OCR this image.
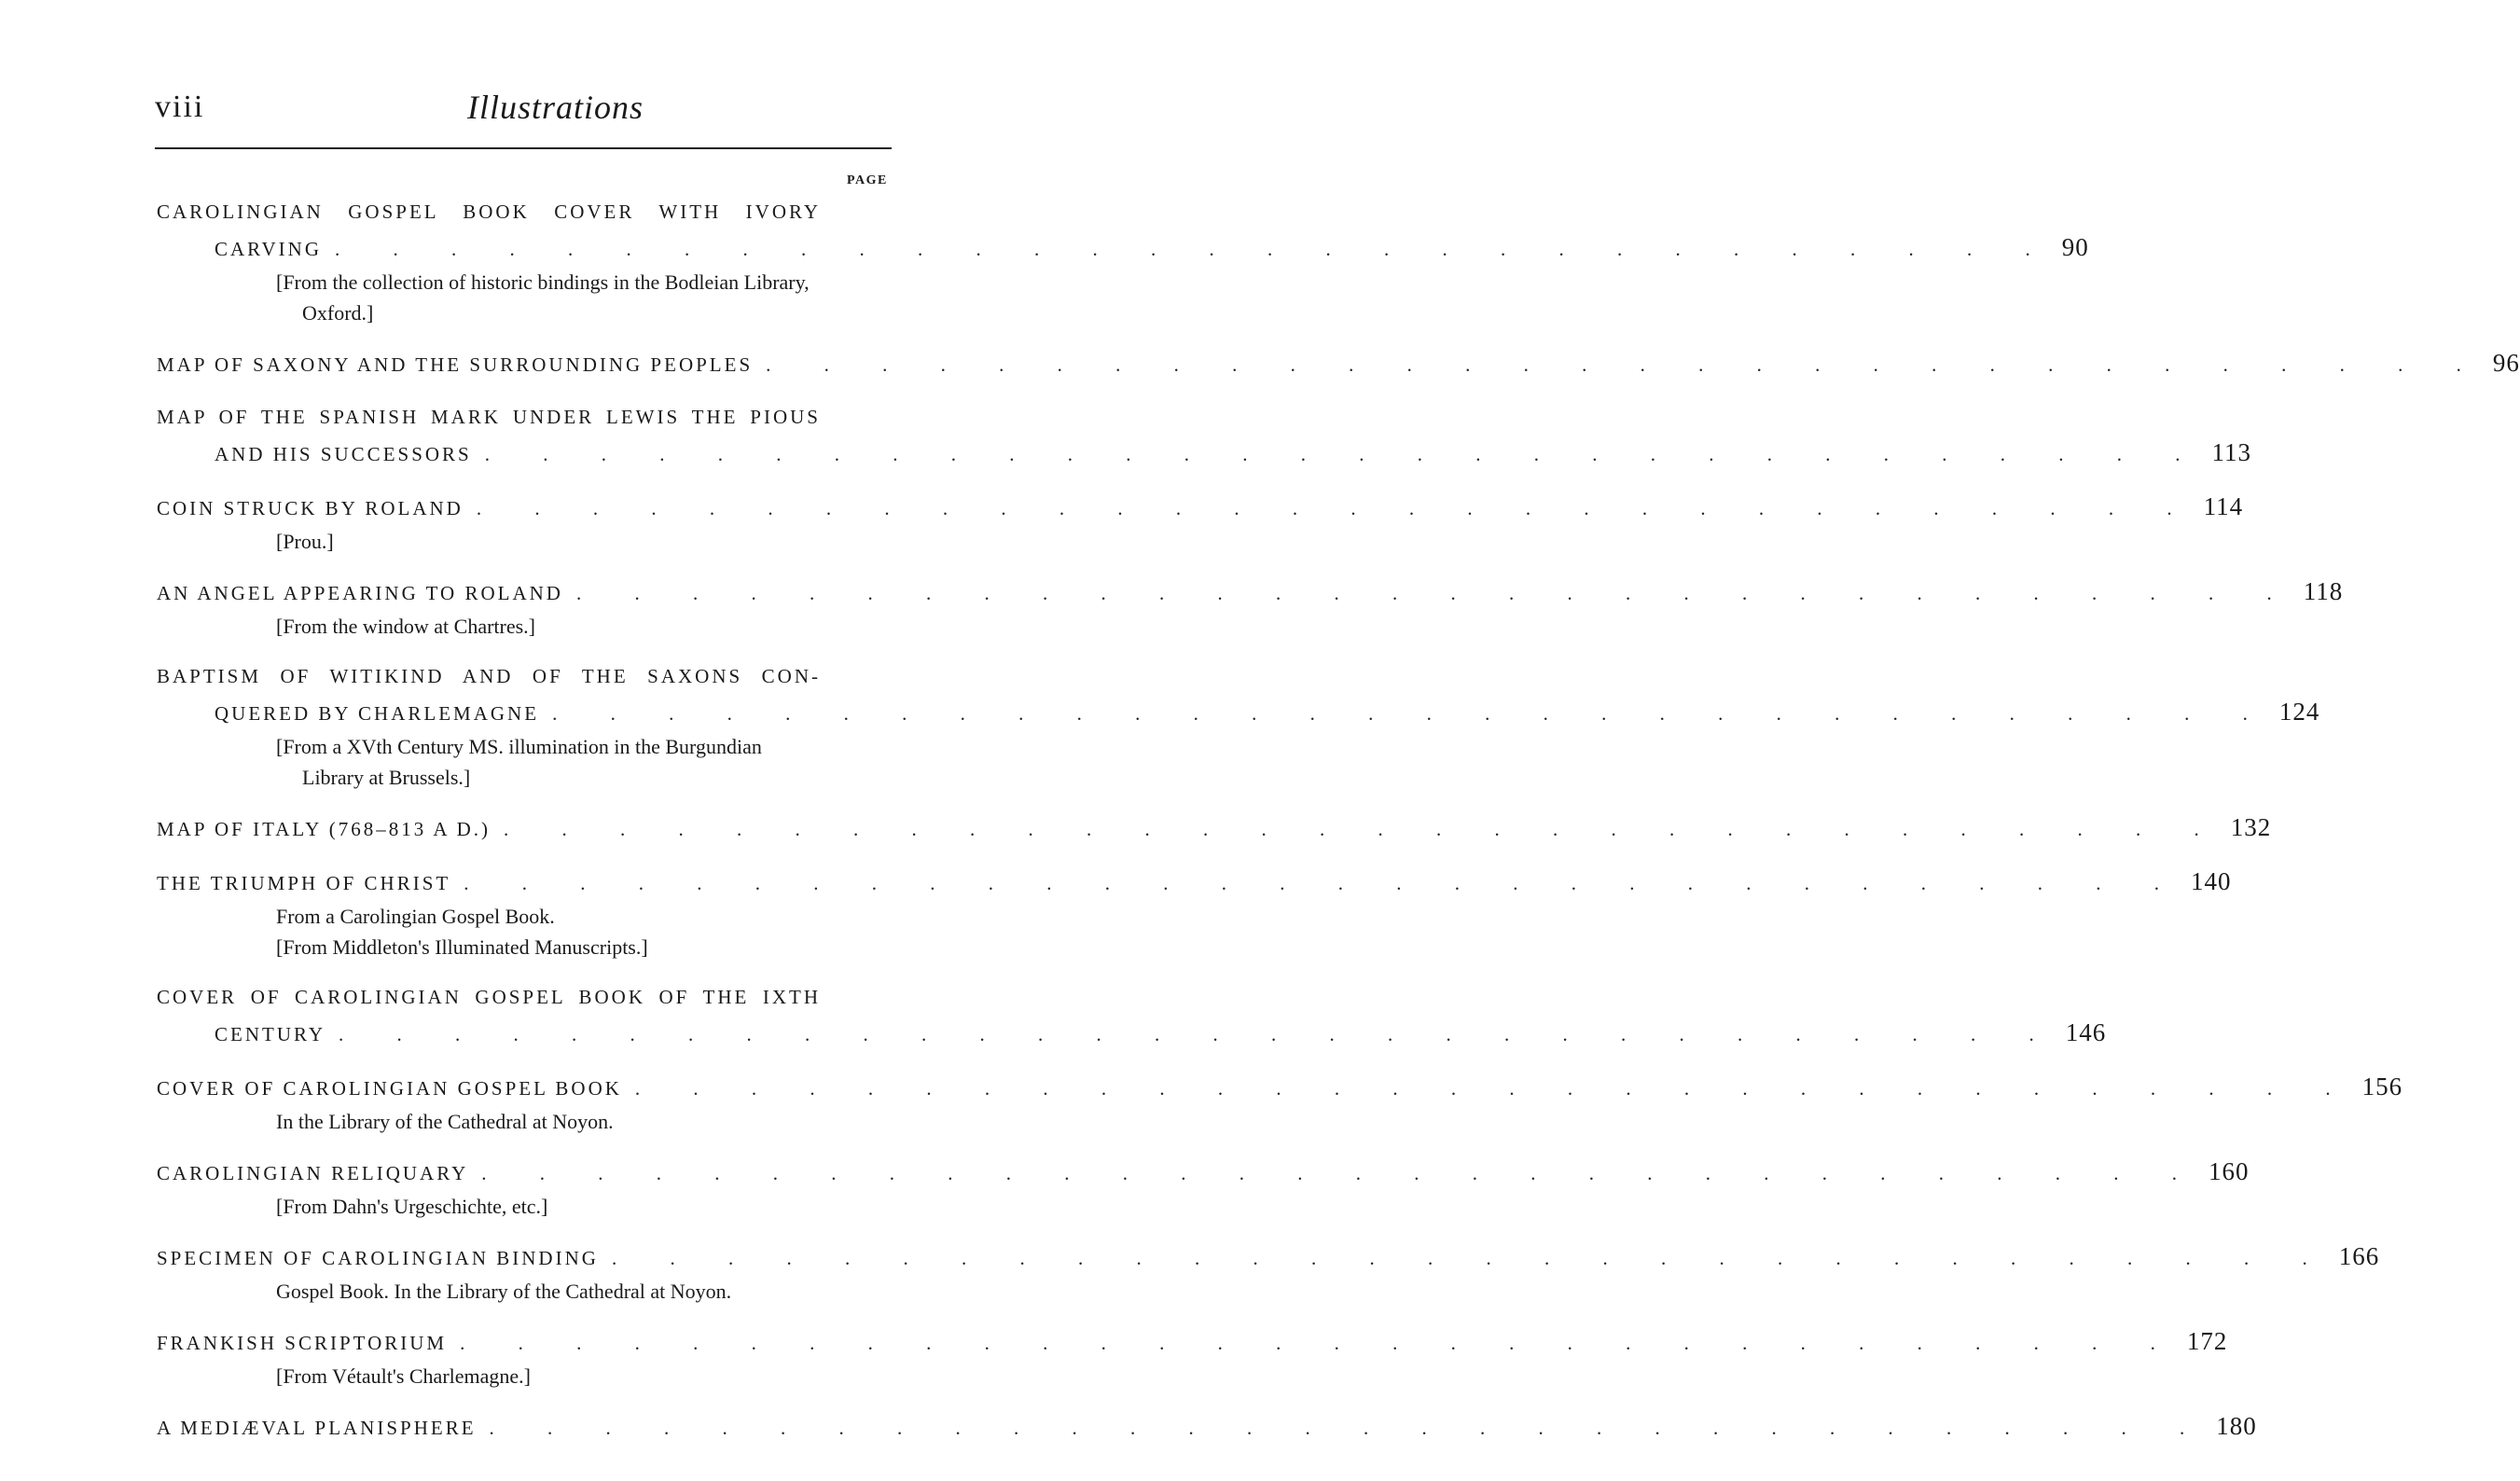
viii	Illustrations
PAGE
CAROLINGIAN GOSPEL BOOK COVER WITH IVORY
CARVING . . . . . . . . . . . . . . . . . . . . . . . . . . . . . . 90
[From the collection of historic bindings in the Bodleian Library, Oxford.]
MAP OF SAXONY AND THE SURROUNDING PEOPLES . . . . . . . . . . . . . . . . . . . . . . . . . . . . . . 96
MAP OF THE SPANISH MARK UNDER LEWIS THE PIOUS
AND HIS SUCCESSORS . . . . . . . . . . . . . . . . . . . . . . . . . . . . . . 113
COIN STRUCK BY ROLAND . . . . . . . . . . . . . . . . . . . . . . . . . . . . . . 114
[Prou.]
AN ANGEL APPEARING TO ROLAND . . . . . . . . . . . . . . . . . . . . . . . . . . . . . . 118
[From the window at Chartres.]
BAPTISM OF WITIKIND AND OF THE SAXONS CON-
QUERED BY CHARLEMAGNE . . . . . . . . . . . . . . . . . . . . . . . . . . . . . . 124
[From a XVth Century MS. illumination in the Burgundian Library at Brussels.]
MAP OF ITALY (768–813 A D.) . . . . . . . . . . . . . . . . . . . . . . . . . . . . . . 132
THE TRIUMPH OF CHRIST . . . . . . . . . . . . . . . . . . . . . . . . . . . . . . 140
From a Carolingian Gospel Book.
[From Middleton's Illuminated Manuscripts.]
COVER OF CAROLINGIAN GOSPEL BOOK OF THE IXTH
CENTURY . . . . . . . . . . . . . . . . . . . . . . . . . . . . . . 146
COVER OF CAROLINGIAN GOSPEL BOOK . . . . . . . . . . . . . . . . . . . . . . . . . . . . . . 156
In the Library of the Cathedral at Noyon.
CAROLINGIAN RELIQUARY . . . . . . . . . . . . . . . . . . . . . . . . . . . . . . 160
[From Dahn's Urgeschichte, etc.]
SPECIMEN OF CAROLINGIAN BINDING . . . . . . . . . . . . . . . . . . . . . . . . . . . . . . 166
Gospel Book. In the Library of the Cathedral at Noyon.
FRANKISH SCRIPTORIUM . . . . . . . . . . . . . . . . . . . . . . . . . . . . . . 172
[From Vétault's Charlemagne.]
A MEDIÆVAL PLANISPHERE . . . . . . . . . . . . . . . . . . . . . . . . . . . . . . 180
